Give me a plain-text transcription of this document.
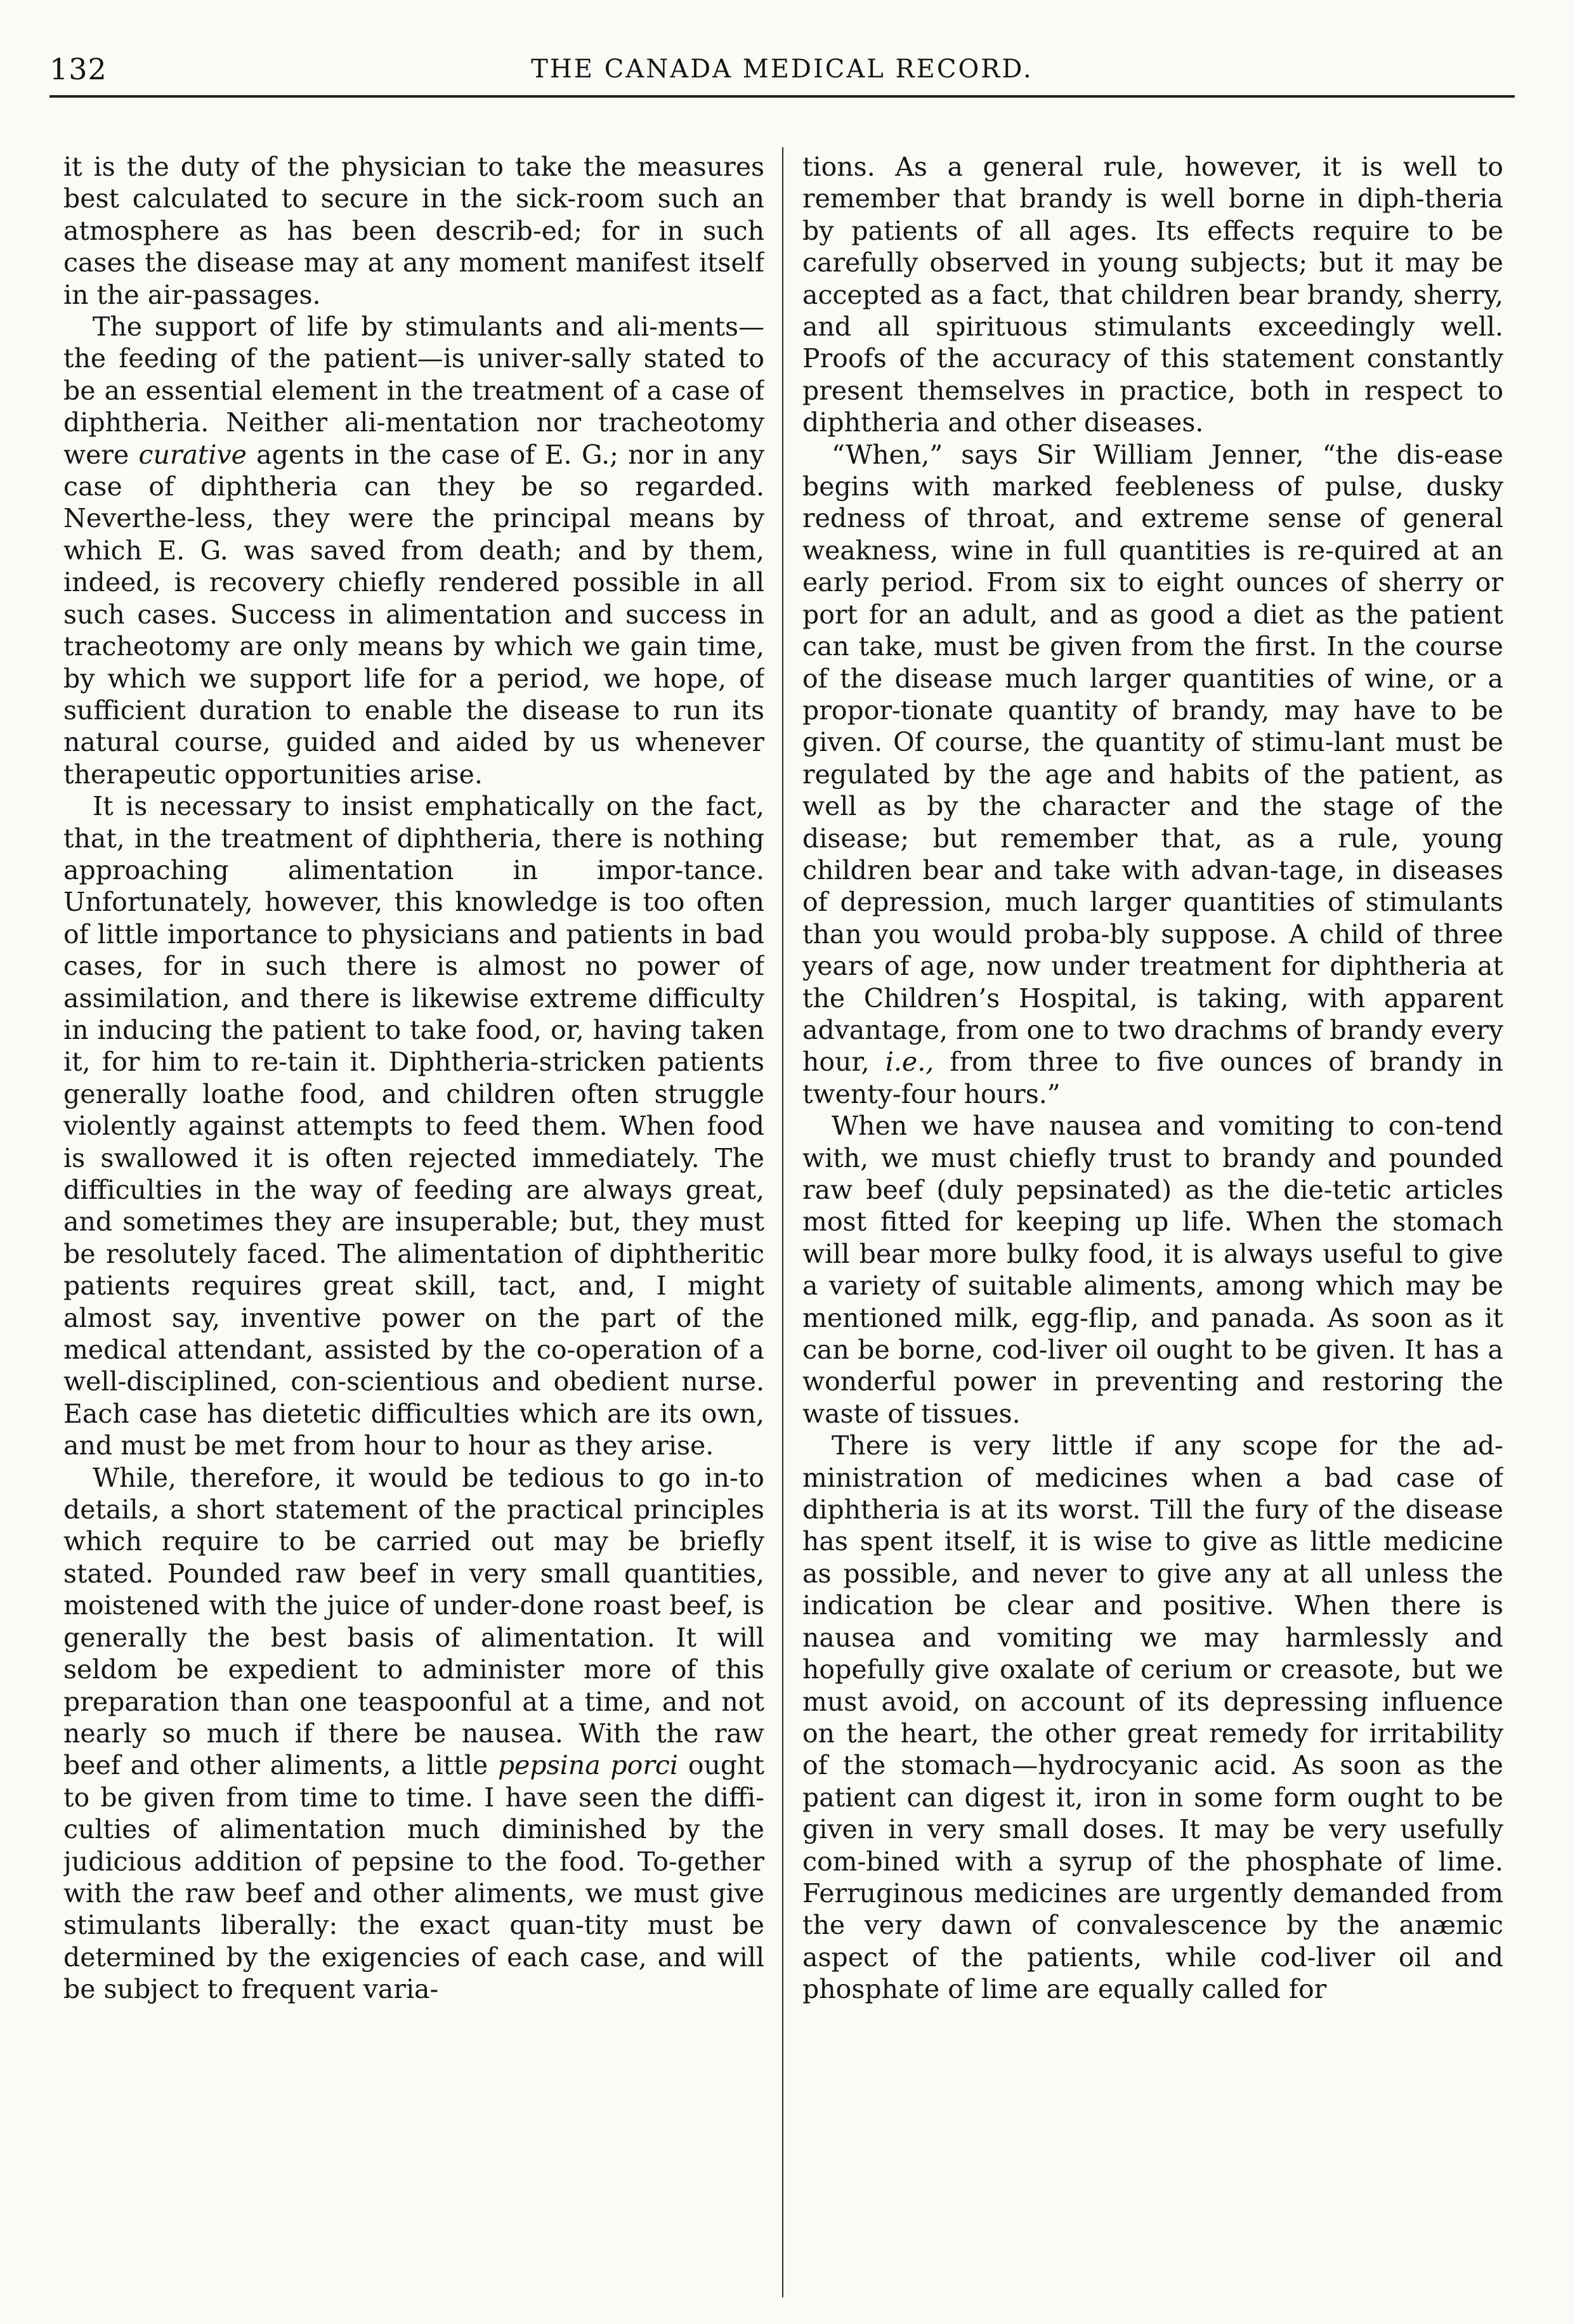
132	THE CANADA MEDICAL RECORD.

it is the duty of the physician to take the measures best calculated to secure in the sick-room such an atmosphere as has been describ-ed; for in such cases the disease may at any moment manifest itself in the air-passages.

The support of life by stimulants and ali-ments—the feeding of the patient—is univer-sally stated to be an essential element in the treatment of a case of diphtheria. Neither ali-mentation nor tracheotomy were curative agents in the case of E. G.; nor in any case of diphtheria can they be so regarded. Neverthe-less, they were the principal means by which E. G. was saved from death; and by them, indeed, is recovery chiefly rendered possible in all such cases. Success in alimentation and success in tracheotomy are only means by which we gain time, by which we support life for a period, we hope, of sufficient duration to enable the disease to run its natural course, guided and aided by us whenever therapeutic opportunities arise.

It is necessary to insist emphatically on the fact, that, in the treatment of diphtheria, there is nothing approaching alimentation in impor-tance. Unfortunately, however, this knowledge is too often of little importance to physicians and patients in bad cases, for in such there is almost no power of assimilation, and there is likewise extreme difficulty in inducing the patient to take food, or, having taken it, for him to re-tain it. Diphtheria-stricken patients generally loathe food, and children often struggle violently against attempts to feed them. When food is swallowed it is often rejected immediately. The difficulties in the way of feeding are always great, and sometimes they are insuperable; but, they must be resolutely faced. The alimentation of diphtheritic patients requires great skill, tact, and, I might almost say, inventive power on the part of the medical attendant, assisted by the co-operation of a well-disciplined, con-scientious and obedient nurse. Each case has dietetic difficulties which are its own, and must be met from hour to hour as they arise.

While, therefore, it would be tedious to go in-to details, a short statement of the practical principles which require to be carried out may be briefly stated. Pounded raw beef in very small quantities, moistened with the juice of under-done roast beef, is generally the best basis of alimentation. It will seldom be expedient to administer more of this preparation than one teaspoonful at a time, and not nearly so much if there be nausea. With the raw beef and other aliments, a little pepsina porci ought to be given from time to time. I have seen the diffi-culties of alimentation much diminished by the judicious addition of pepsine to the food. To-gether with the raw beef and other aliments, we must give stimulants liberally: the exact quan-tity must be determined by the exigencies of each case, and will be subject to frequent varia-

tions. As a general rule, however, it is well to remember that brandy is well borne in diph-theria by patients of all ages. Its effects require to be carefully observed in young subjects; but it may be accepted as a fact, that children bear brandy, sherry, and all spirituous stimulants exceedingly well. Proofs of the accuracy of this statement constantly present themselves in practice, both in respect to diphtheria and other diseases.

“When,” says Sir William Jenner, “the dis-ease begins with marked feebleness of pulse, dusky redness of throat, and extreme sense of general weakness, wine in full quantities is re-quired at an early period. From six to eight ounces of sherry or port for an adult, and as good a diet as the patient can take, must be given from the first. In the course of the disease much larger quantities of wine, or a propor-tionate quantity of brandy, may have to be given. Of course, the quantity of stimu-lant must be regulated by the age and habits of the patient, as well as by the character and the stage of the disease; but remember that, as a rule, young children bear and take with advan-tage, in diseases of depression, much larger quantities of stimulants than you would proba-bly suppose. A child of three years of age, now under treatment for diphtheria at the Children’s Hospital, is taking, with apparent advantage, from one to two drachms of brandy every hour, i.e., from three to five ounces of brandy in twenty-four hours.”

When we have nausea and vomiting to con-tend with, we must chiefly trust to brandy and pounded raw beef (duly pepsinated) as the die-tetic articles most fitted for keeping up life. When the stomach will bear more bulky food, it is always useful to give a variety of suitable aliments, among which may be mentioned milk, egg-flip, and panada. As soon as it can be borne, cod-liver oil ought to be given. It has a wonderful power in preventing and restoring the waste of tissues.

There is very little if any scope for the ad-ministration of medicines when a bad case of diphtheria is at its worst. Till the fury of the disease has spent itself, it is wise to give as little medicine as possible, and never to give any at all unless the indication be clear and positive. When there is nausea and vomiting we may harmlessly and hopefully give oxalate of cerium or creasote, but we must avoid, on account of its depressing influence on the heart, the other great remedy for irritability of the stomach—hydrocyanic acid. As soon as the patient can digest it, iron in some form ought to be given in very small doses. It may be very usefully com-bined with a syrup of the phosphate of lime. Ferruginous medicines are urgently demanded from the very dawn of convalescence by the anæmic aspect of the patients, while cod-liver oil and phosphate of lime are equally called for
